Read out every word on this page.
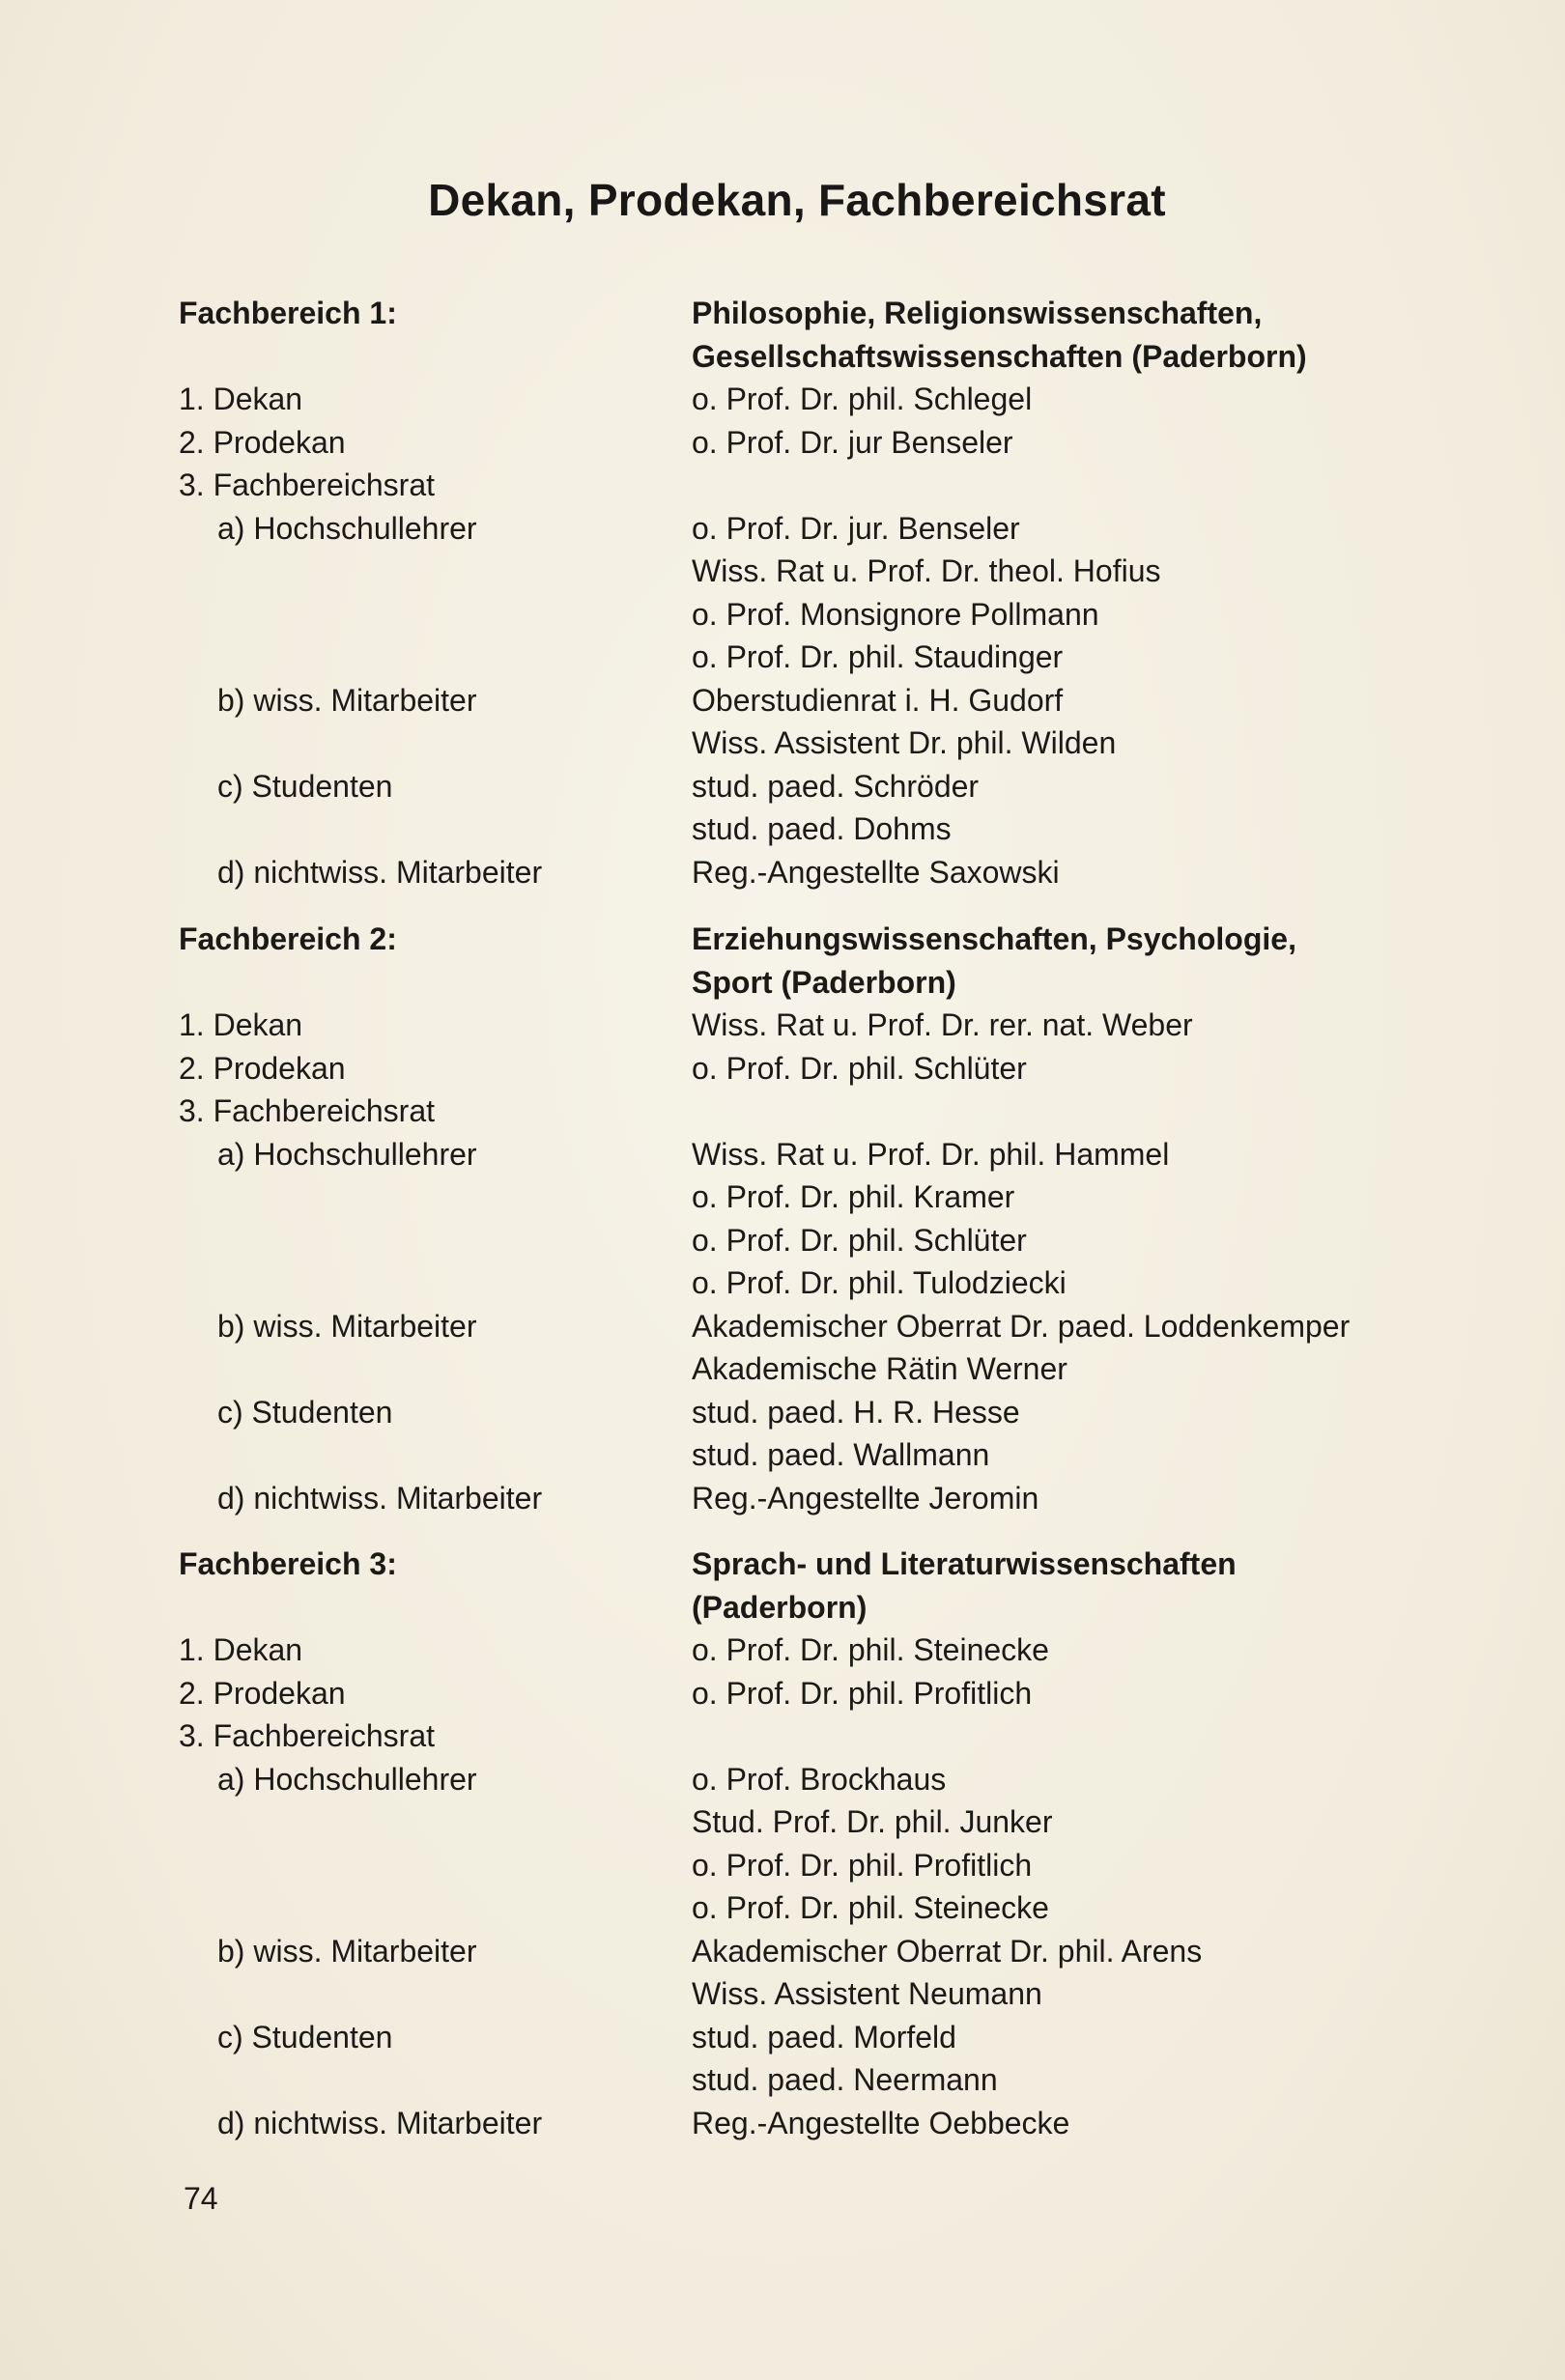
Dekan, Prodekan, Fachbereichsrat
Fachbereich 1:	Philosophie, Religionswissenschaften,
Gesellschaftswissenschaften (Paderborn)
1. Dekan	o. Prof. Dr. phil. Schlegel
2. Prodekan	o. Prof. Dr. jur Benseler
3. Fachbereichsrat
a) Hochschullehrer	o. Prof. Dr. jur. Benseler
Wiss. Rat u. Prof. Dr. theol. Hofius
o. Prof. Monsignore Pollmann
o. Prof. Dr. phil. Staudinger
b) wiss. Mitarbeiter	Oberstudienrat i. H. Gudorf
Wiss. Assistent Dr. phil. Wilden
c) Studenten	stud. paed. Schröder
stud. paed. Dohms
d) nichtwiss. Mitarbeiter	Reg.-Angestellte Saxowski
Fachbereich 2:	Erziehungswissenschaften, Psychologie,
Sport (Paderborn)
1. Dekan	Wiss. Rat u. Prof. Dr. rer. nat. Weber
2. Prodekan	o. Prof. Dr. phil. Schlüter
3. Fachbereichsrat
a) Hochschullehrer	Wiss. Rat u. Prof. Dr. phil. Hammel
o. Prof. Dr. phil. Kramer
o. Prof. Dr. phil. Schlüter
o. Prof. Dr. phil. Tulodziecki
b) wiss. Mitarbeiter	Akademischer Oberrat Dr. paed. Loddenkemper
Akademische Rätin Werner
c) Studenten	stud. paed. H. R. Hesse
stud. paed. Wallmann
d) nichtwiss. Mitarbeiter	Reg.-Angestellte Jeromin
Fachbereich 3:	Sprach- und Literaturwissenschaften
(Paderborn)
1. Dekan	o. Prof. Dr. phil. Steinecke
2. Prodekan	o. Prof. Dr. phil. Profitlich
3. Fachbereichsrat
a) Hochschullehrer	o. Prof. Brockhaus
Stud. Prof. Dr. phil. Junker
o. Prof. Dr. phil. Profitlich
o. Prof. Dr. phil. Steinecke
b) wiss. Mitarbeiter	Akademischer Oberrat Dr. phil. Arens
Wiss. Assistent Neumann
c) Studenten	stud. paed. Morfeld
stud. paed. Neermann
d) nichtwiss. Mitarbeiter	Reg.-Angestellte Oebbecke
74
